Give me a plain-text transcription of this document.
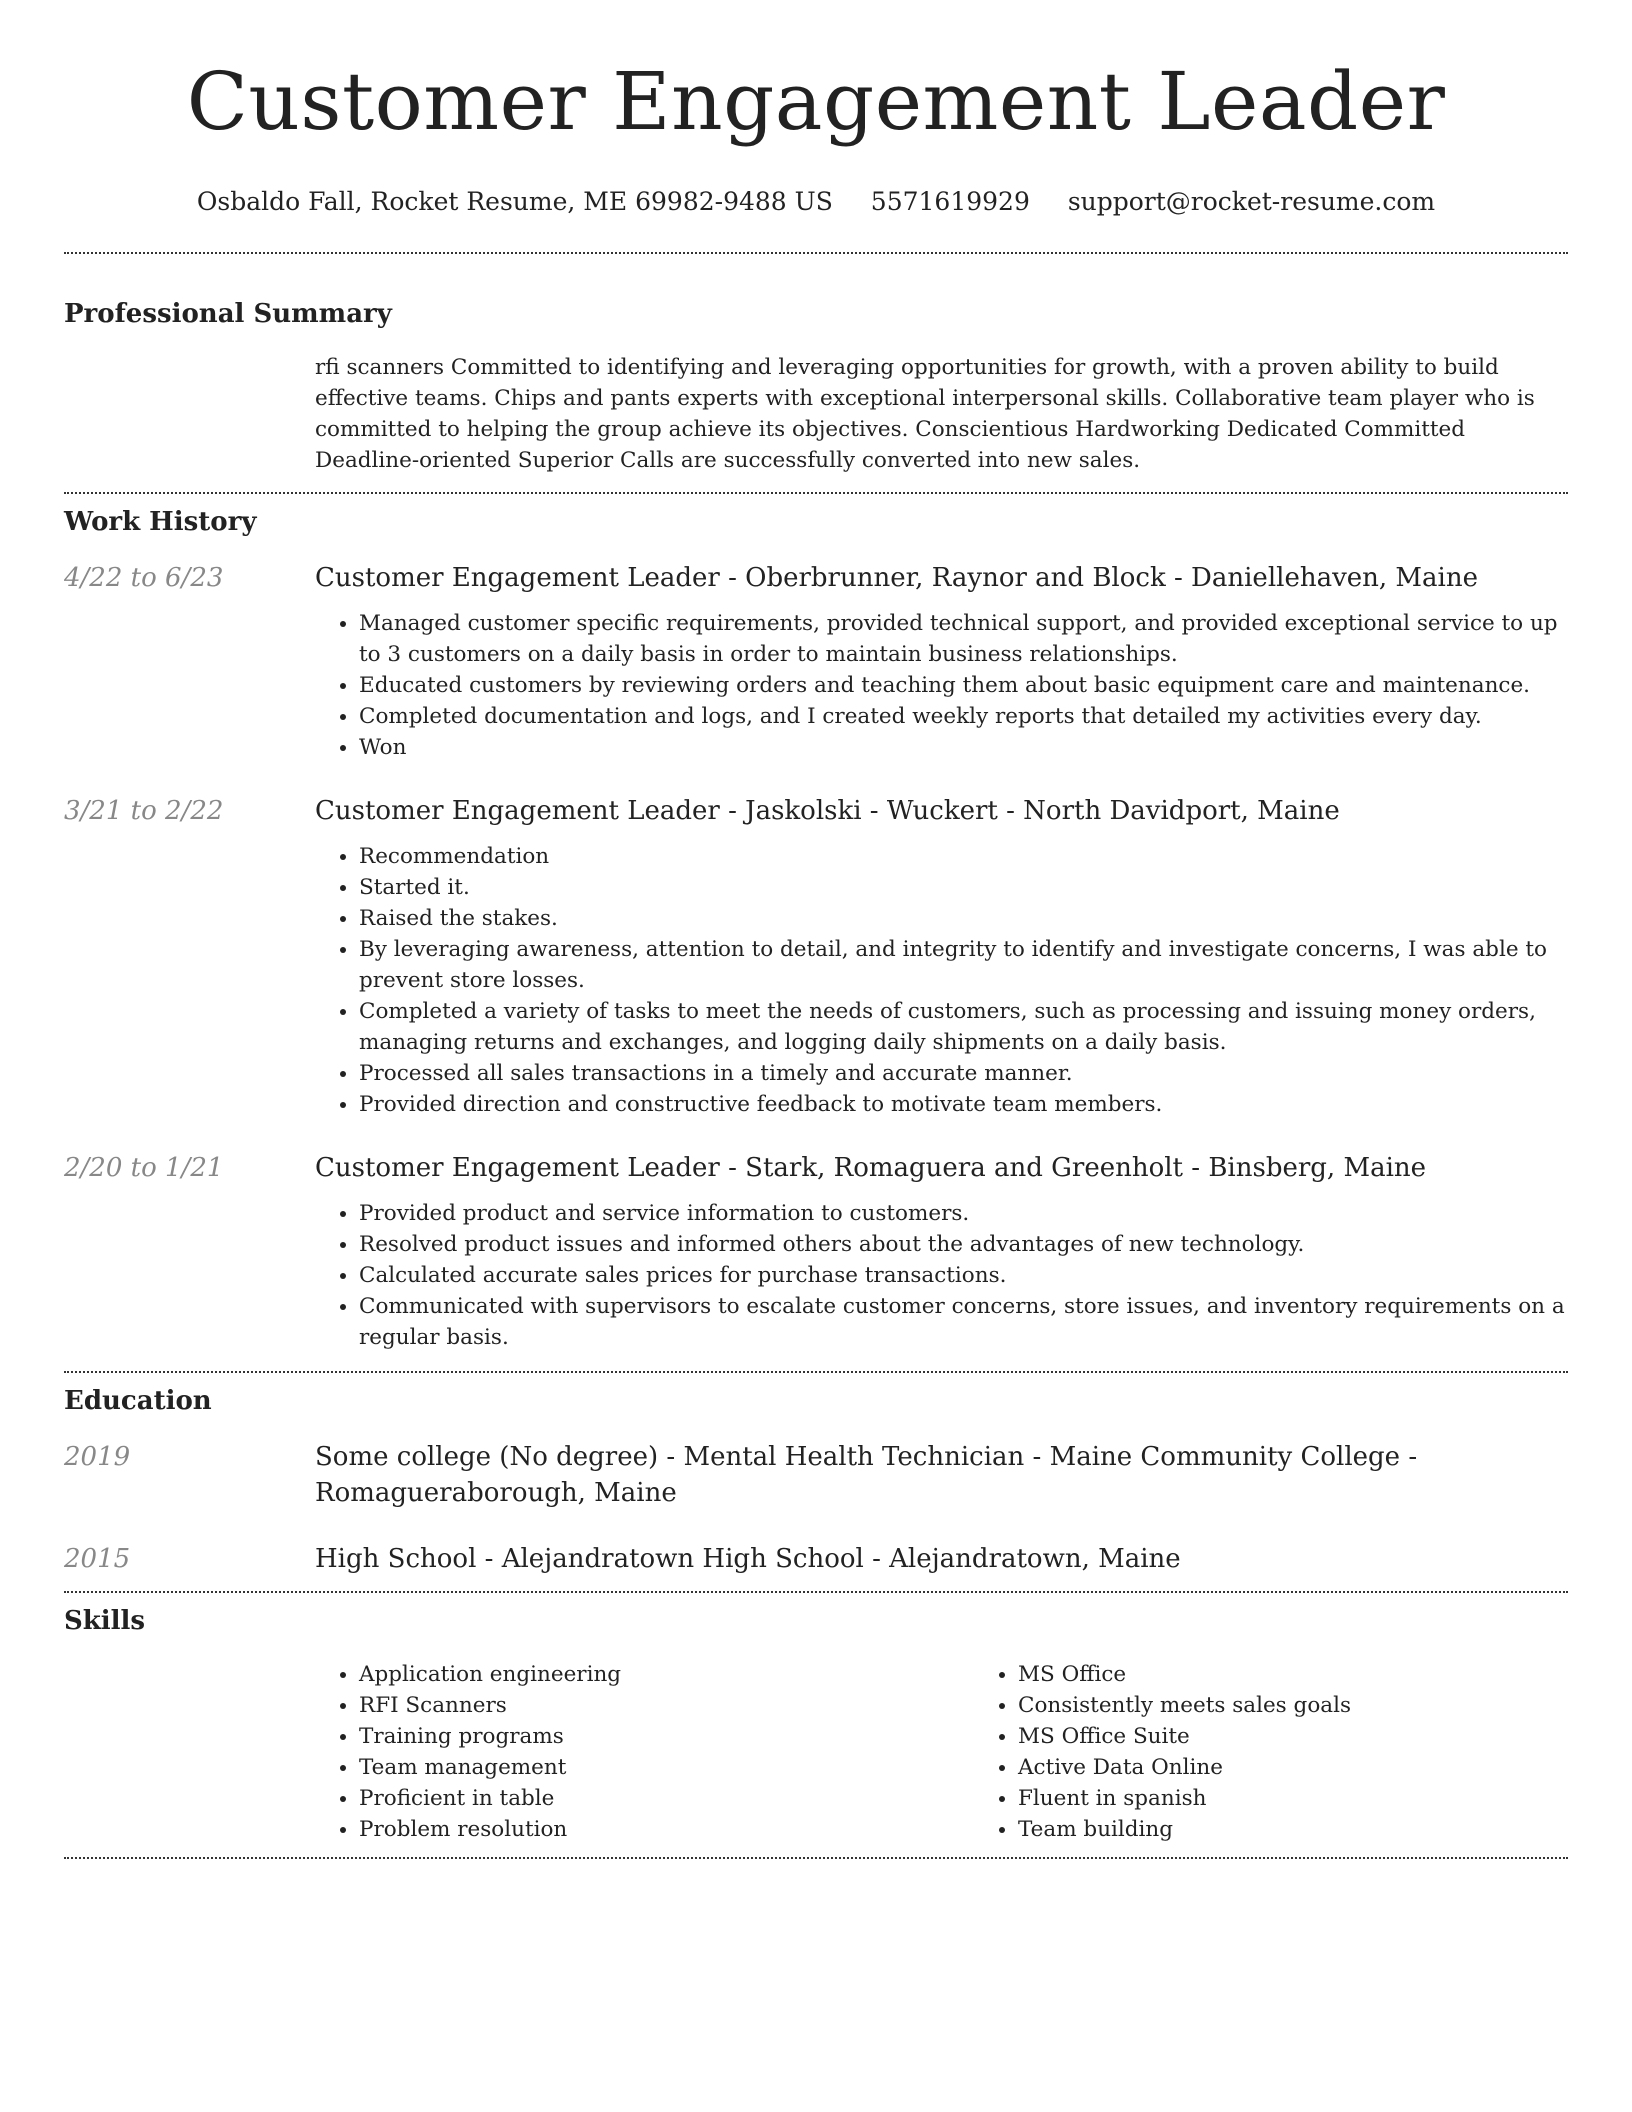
Customer Engagement Leader
Osbaldo Fall, Rocket Resume, ME 69982-9488 US 5571619929 support@rocket-resume.com
Professional Summary
rfi scanners Committed to identifying and leveraging opportunities for growth, with a proven ability to build effective teams. Chips and pants experts with exceptional interpersonal skills. Collaborative team player who is committed to helping the group achieve its objectives. Conscientious Hardworking Dedicated Committed Deadline-oriented Superior Calls are successfully converted into new sales.
Work History
4/22 to 6/23	Customer Engagement Leader - Oberbrunner, Raynor and Block - Daniellehaven, Maine
• Managed customer specific requirements, provided technical support, and provided exceptional service to up to 3 customers on a daily basis in order to maintain business relationships.
• Educated customers by reviewing orders and teaching them about basic equipment care and maintenance.
• Completed documentation and logs, and I created weekly reports that detailed my activities every day.
• Won
3/21 to 2/22	Customer Engagement Leader - Jaskolski - Wuckert - North Davidport, Maine
• Recommendation
• Started it.
• Raised the stakes.
• By leveraging awareness, attention to detail, and integrity to identify and investigate concerns, I was able to prevent store losses.
• Completed a variety of tasks to meet the needs of customers, such as processing and issuing money orders, managing returns and exchanges, and logging daily shipments on a daily basis.
• Processed all sales transactions in a timely and accurate manner.
• Provided direction and constructive feedback to motivate team members.
2/20 to 1/21	Customer Engagement Leader - Stark, Romaguera and Greenholt - Binsberg, Maine
• Provided product and service information to customers.
• Resolved product issues and informed others about the advantages of new technology.
• Calculated accurate sales prices for purchase transactions.
• Communicated with supervisors to escalate customer concerns, store issues, and inventory requirements on a regular basis.
Education
2019	Some college (No degree) - Mental Health Technician - Maine Community College - Romagueraborough, Maine
2015	High School - Alejandratown High School - Alejandratown, Maine
Skills
• Application engineering
• RFI Scanners
• Training programs
• Team management
• Proficient in table
• Problem resolution
• MS Office
• Consistently meets sales goals
• MS Office Suite
• Active Data Online
• Fluent in spanish
• Team building
